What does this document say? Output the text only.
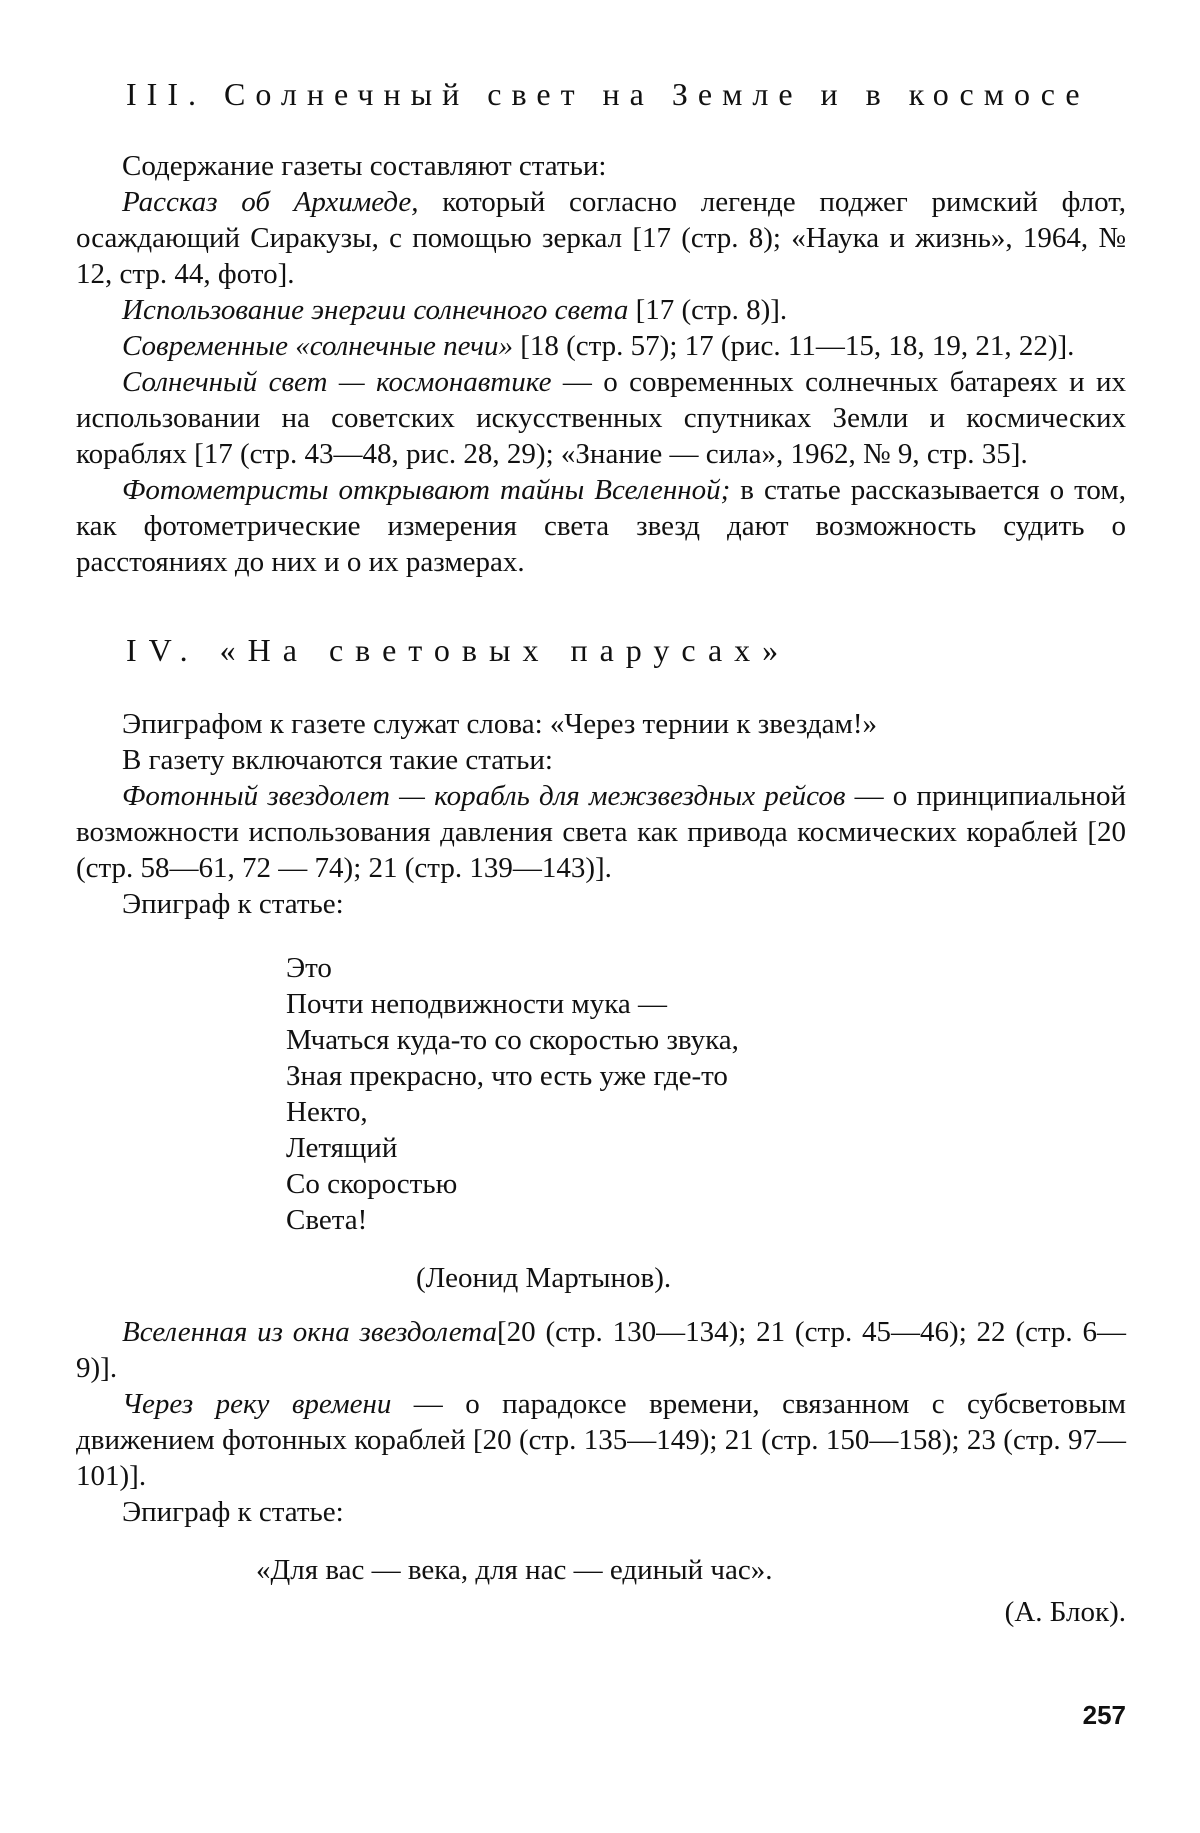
III. Солнечный свет на Земле и в космосе

Содержание газеты составляют статьи:

Рассказ об Архимеде, который согласно легенде поджег римский флот, осаждающий Сиракузы, с помощью зеркал [17 (стр. 8); «Наука и жизнь», 1964, № 12, стр. 44, фото].

Использование энергии солнечного света [17 (стр. 8)].

Современные «солнечные печи» [18 (стр. 57); 17 (рис. 11—15, 18, 19, 21, 22)].

Солнечный свет — космонавтике — о современных солнечных батареях и их использовании на советских искусственных спутниках Земли и космических кораблях [17 (стр. 43—48, рис. 28, 29); «Знание — сила», 1962, № 9, стр. 35].

Фотометристы открывают тайны Вселенной; в статье рассказывается о том, как фотометрические измерения света звезд дают возможность судить о расстояниях до них и о их размерах.

IV. «На световых парусах»

Эпиграфом к газете служат слова: «Через тернии к звездам!»

В газету включаются такие статьи:

Фотонный звездолет — корабль для межзвездных рейсов — о принципиальной возможности использования давления света как привода космических кораблей [20 (стр. 58—61, 72 — 74); 21 (стр. 139—143)].

Эпиграф к статье:

Это
Почти неподвижности мука —
Мчаться куда-то со скоростью звука,
Зная прекрасно, что есть уже где-то
Некто,
Летящий
Со скоростью
Света!

(Леонид Мартынов).

Вселенная из окна звездолета[20 (стр. 130—134); 21 (стр. 45—46); 22 (стр. 6—9)].

Через реку времени — о парадоксе времени, связанном с субсветовым движением фотонных кораблей [20 (стр. 135—149); 21 (стр. 150—158); 23 (стр. 97—101)].

Эпиграф к статье:

«Для вас — века, для нас — единый час».

(А. Блок).

257
